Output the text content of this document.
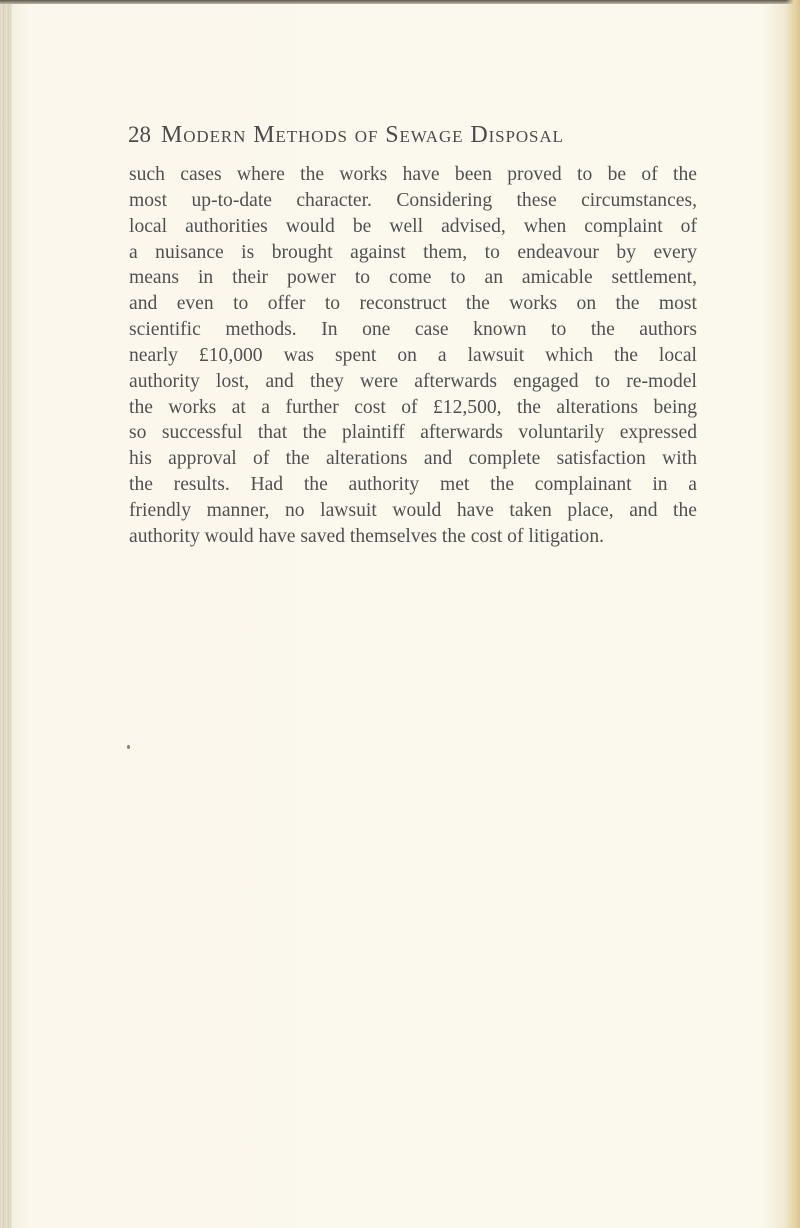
28 Modern Methods of Sewage Disposal

such cases where the works have been proved to be of the
most up-to-date character. Considering these circumstances,
local authorities would be well advised, when complaint of
a nuisance is brought against them, to endeavour by every
means in their power to come to an amicable settlement,
and even to offer to reconstruct the works on the most
scientific methods. In one case known to the authors
nearly £10,000 was spent on a lawsuit which the local
authority lost, and they were afterwards engaged to re-model
the works at a further cost of £12,500, the alterations being
so successful that the plaintiff afterwards voluntarily expressed
his approval of the alterations and complete satisfaction with
the results. Had the authority met the complainant in a
friendly manner, no lawsuit would have taken place, and the
authority would have saved themselves the cost of litigation.
